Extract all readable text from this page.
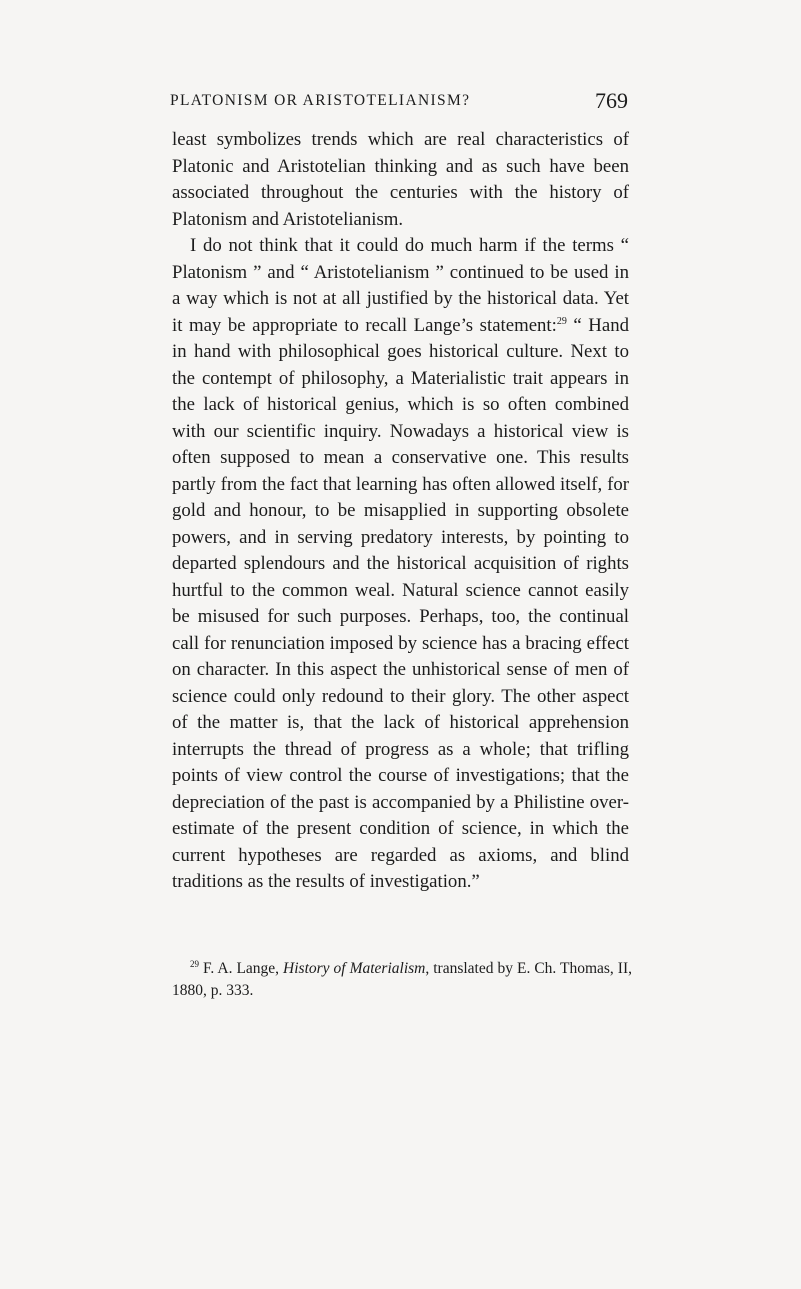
PLATONISM OR ARISTOTELIANISM?	769

least symbolizes trends which are real characteristics of Platonic and Aristotelian thinking and as such have been associated throughout the centuries with the history of Platonism and Aristotelianism.

I do not think that it could do much harm if the terms “ Platonism ” and “ Aristotelianism ” continued to be used in a way which is not at all justified by the historical data. Yet it may be appropriate to recall Lange’s statement:$^{29}$ “ Hand in hand with philosophical goes historical culture. Next to the contempt of philosophy, a Materialistic trait appears in the lack of historical genius, which is so often combined with our scientific inquiry. Nowadays a historical view is often supposed to mean a conservative one. This results partly from the fact that learning has often allowed itself, for gold and honour, to be misapplied in supporting obsolete powers, and in serving predatory interests, by pointing to departed splendours and the historical acquisition of rights hurtful to the common weal. Natural science cannot easily be misused for such purposes. Perhaps, too, the continual call for renunciation imposed by science has a bracing effect on character. In this aspect the unhistorical sense of men of science could only redound to their glory. The other aspect of the matter is, that the lack of historical apprehension interrupts the thread of progress as a whole; that trifling points of view control the course of investigations; that the depreciation of the past is accompanied by a Philistine over-estimate of the present condition of science, in which the current hypotheses are regarded as axioms, and blind traditions as the results of investigation.”

$^{29}$ F. A. Lange, History of Materialism, translated by E. Ch. Thomas, II, 1880, p. 333.
